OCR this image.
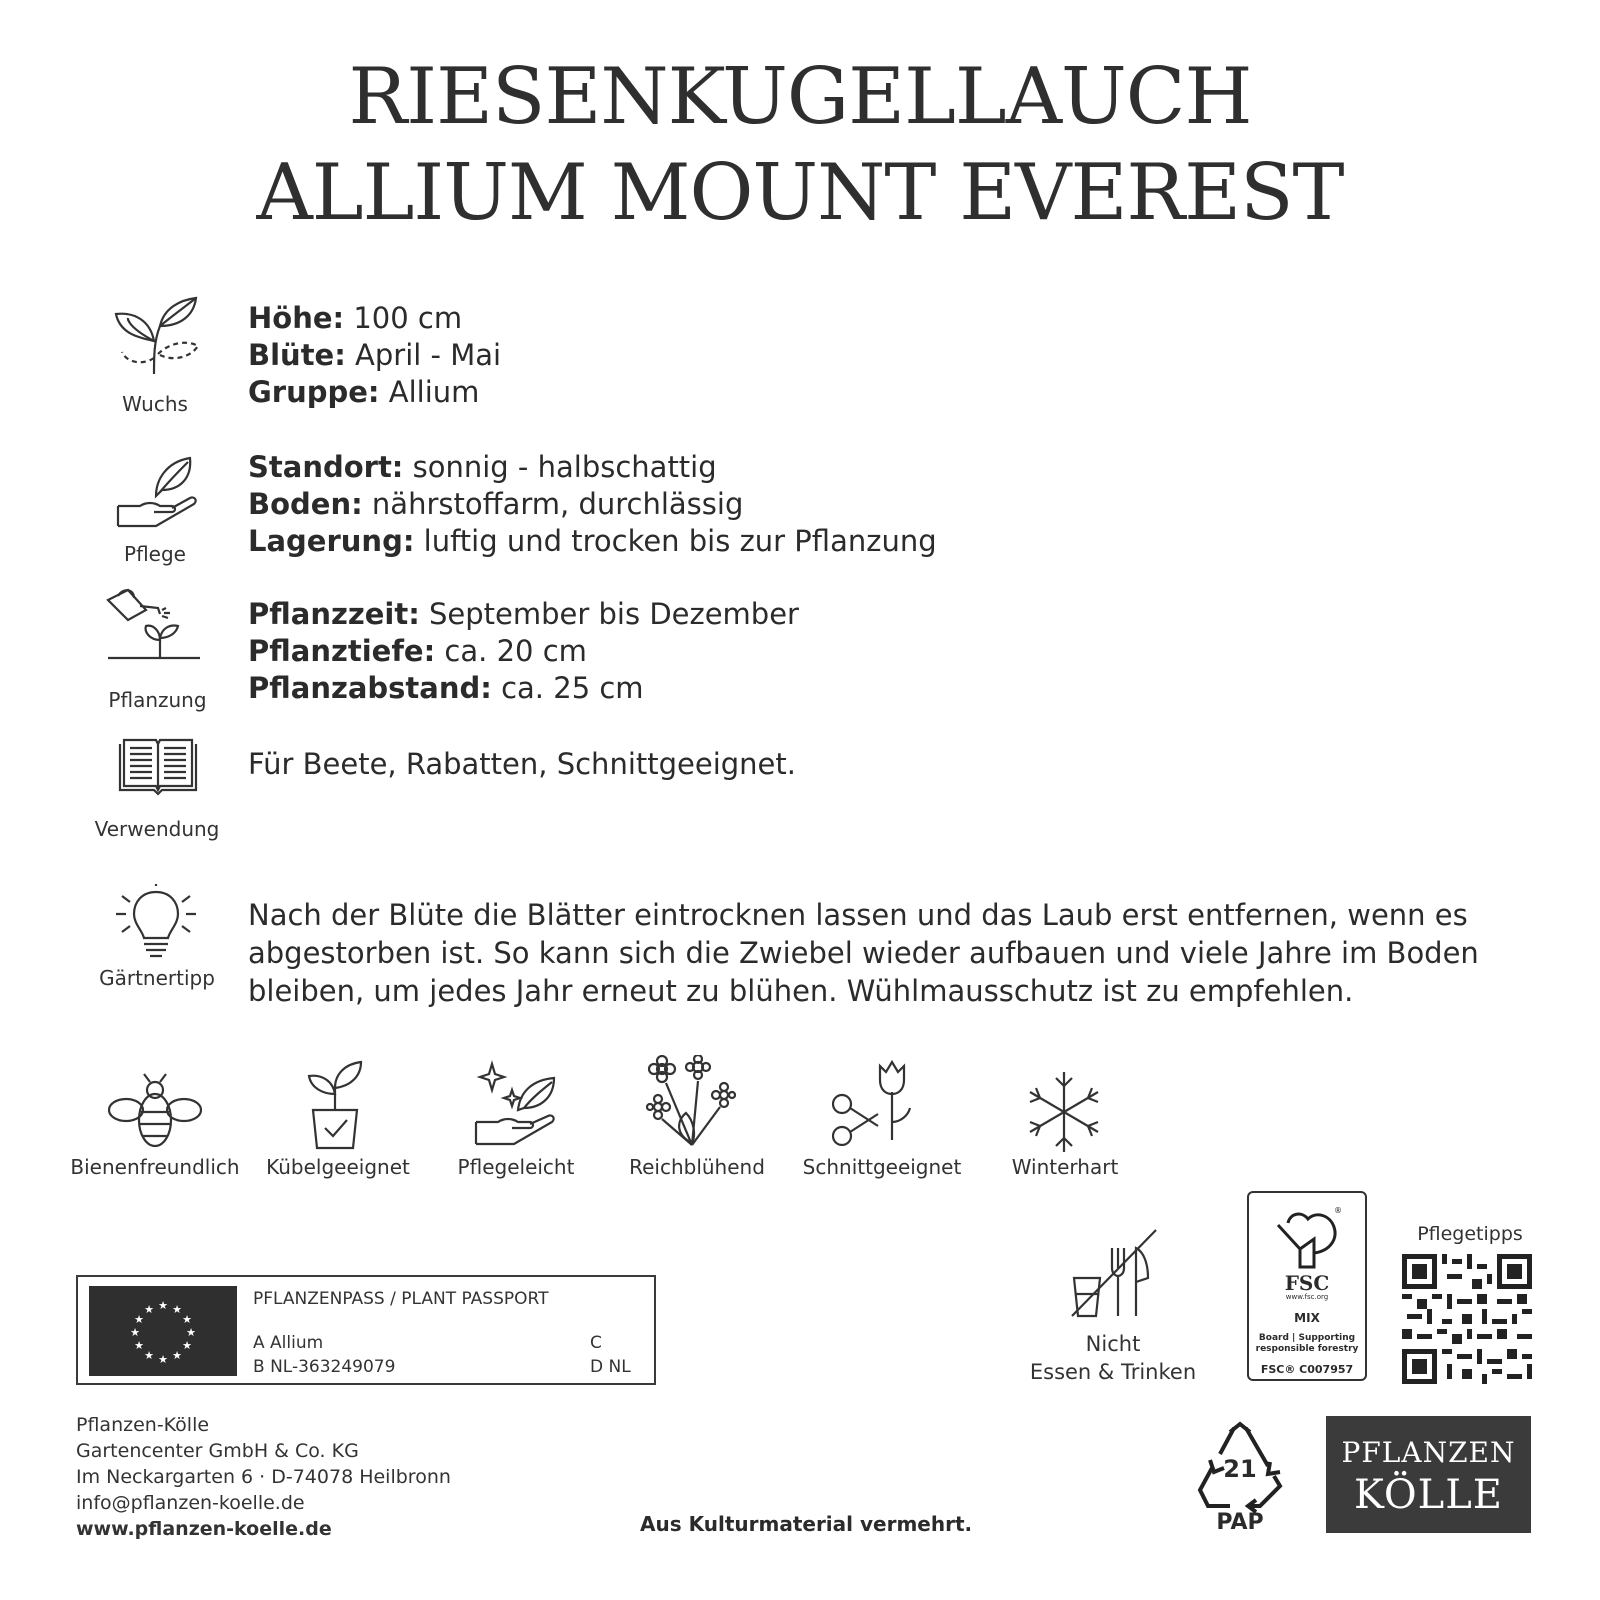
RIESENKUGELLAUCH
ALLIUM MOUNT EVEREST
Wuchs
Höhe: 100 cm
Blüte: April - Mai
Gruppe: Allium
Pflege
Standort: sonnig - halbschattig
Boden: nährstoffarm, durchlässig
Lagerung: luftig und trocken bis zur Pflanzung
Pflanzung
Pflanzzeit: September bis Dezember
Pflanztiefe: ca. 20 cm
Pflanzabstand: ca. 25 cm
Verwendung
Für Beete, Rabatten, Schnittgeeignet.
Gärtnertipp
Nach der Blüte die Blätter eintrocknen lassen und das Laub erst entfernen, wenn es
abgestorben ist. So kann sich die Zwiebel wieder aufbauen und viele Jahre im Boden
bleiben, um jedes Jahr erneut zu blühen. Wühlmausschutz ist zu empfehlen.
Bienenfreundlich	Kübelgeeignet	Pflegeleicht	Reichblühend	Schnittgeeignet	Winterhart
★ ★
★
★
★
★
★
★
★
★
★
★
PFLANZENPASS / PLANT PASSPORT
A Allium
B NL-363249079
C
D NL
Pflanzen-Kölle
Gartencenter GmbH & Co. KG
Im Neckargarten 6 · D-74078 Heilbronn
info@pflanzen-koelle.de
www.pflanzen-koelle.de	Aus Kulturmaterial vermehrt.
Nicht
Essen & Trinken
®
FSC
www.fsc.org
MIX
Board | Supporting
responsible forestry
FSC® C007957
Pflegetipps
21
PAP
PFLANZEN
KÖLLE
